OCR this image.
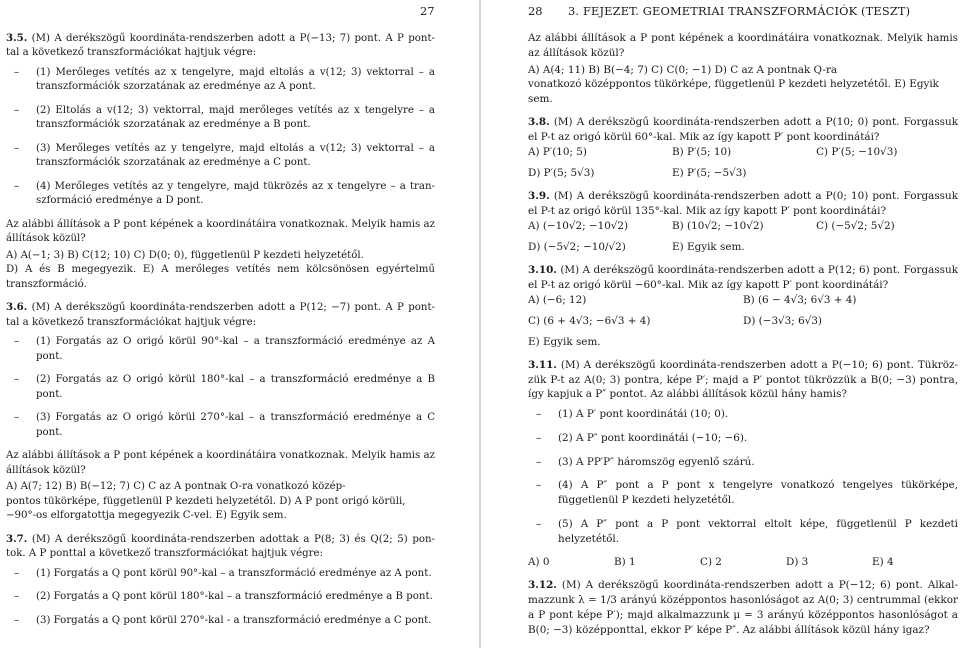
27
3.5. (M) A derékszögű koordináta-rendszerben adott a P(−13; 7) pont. A P pont-tal a következő transzformációkat hajtjuk végre:
– (1) Merőleges vetítés az x tengelyre, majd eltolás a v(12; 3) vektorral – a transzformációk szorzatának az eredménye az A pont.
– (2) Eltolás a v(12; 3) vektorral, majd merőleges vetítés az x tengelyre – a transzformációk szorzatának az eredménye a B pont.
– (3) Merőleges vetítés az y tengelyre, majd eltolás a v(12; 3) vektorral – a transzformációk szorzatának az eredménye a C pont.
– (4) Merőleges vetítés az y tengelyre, majd tükrözés az x tengelyre – a tran-szformáció eredménye a D pont.
Az alábbi állítások a P pont képének a koordinátáira vonatkoznak. Melyik hamis az állítások közül?
A) A(−1; 3) B) C(12; 10) C) D(0; 0), függetlenül P kezdeti helyzetétől.
D) A és B megegyezik. E) A merőleges vetítés nem kölcsönösen egyértelmű transzformáció.
3.6. (M) A derékszögű koordináta-rendszerben adott a P(12; −7) pont. A P pont-tal a következő transzformációkat hajtjuk végre:
– (1) Forgatás az O origó körül 90°-kal – a transzformáció eredménye az A pont.
– (2) Forgatás az O origó körül 180°-kal – a transzformáció eredménye a B pont.
– (3) Forgatás az O origó körül 270°-kal – a transzformáció eredménye a C pont.
Az alábbi állítások a P pont képének a koordinátáira vonatkoznak. Melyik hamis az állítások közül?
A) A(7; 12) B) B(−12; 7) C) C az A pontnak O-ra vonatkozó közép-
pontos tükörképe, függetlenül P kezdeti helyzetétől. D) A P pont origó körüli,
−90°-os elforgatottja megegyezik C-vel. E) Egyik sem.
3.7. (M) A derékszögű koordináta-rendszerben adottak a P(8; 3) és Q(2; 5) pon-tok. A P ponttal a következő transzformációkat hajtjuk végre:
– (1) Forgatás a Q pont körül 90°-kal – a transzformáció eredménye az A pont.
– (2) Forgatás a Q pont körül 180°-kal – a transzformáció eredménye a B pont.
– (3) Forgatás a Q pont körül 270°-kal - a transzformáció eredménye a C pont.
28 3. FEJEZET. GEOMETRIAI TRANSZFORMÁCIÓK (TESZT)
Az alábbi állítások a P pont képének a koordinátáira vonatkoznak. Melyik hamis az állítások közül?
A) A(4; 11) B) B(−4; 7) C) C(0; −1) D) C az A pontnak Q-ra
vonatkozó középpontos tükörképe, függetlenül P kezdeti helyzetétől. E) Egyik
sem.
3.8. (M) A derékszögű koordináta-rendszerben adott a P(10; 0) pont. Forgassuk el P-t az origó körül 60°-kal. Mik az így kapott P′ pont koordinátái?
A) P′(10; 5)	B) P′(5; 10)	C) P′(5; −10√3)
D) P′(5; 5√3)	E) P′(5; −5√3)
3.9. (M) A derékszögű koordináta-rendszerben adott a P(0; 10) pont. Forgassuk el P-t az origó körül 135°-kal. Mik az így kapott P′ pont koordinátái?
A) (−10√2; −10√2)	B) (10√2; −10√2)	C) (−5√2; 5√2)
D) (−5√2; −10/√2)	E) Egyik sem.
3.10. (M) A derékszögű koordináta-rendszerben adott a P(12; 6) pont. Forgassuk el P-t az origó körül −60°-kal. Mik az így kapott P′ pont koordinátái?
A) (−6; 12)	B) (6 − 4√3; 6√3 + 4)
C) (6 + 4√3; −6√3 + 4)	D) (−3√3; 6√3)
E) Egyik sem.
3.11. (M) A derékszögű koordináta-rendszerben adott a P(−10; 6) pont. Tükröz-zük P-t az A(0; 3) pontra, képe P′; majd a P′ pontot tükrözzük a B(0; −3) pontra, így kapjuk a P″ pontot. Az alábbi állítások közül hány hamis?
– (1) A P′ pont koordinátái (10; 0).
– (2) A P″ pont koordinátái (−10; −6).
– (3) A PP′P″ háromszög egyenlő szárú.
– (4) A P″ pont a P pont x tengelyre vonatkozó tengelyes tükörképe, függetlenül P kezdeti helyzetétől.
– (5) A P″ pont a P pont vektorral eltolt képe, függetlenül P kezdeti helyzetétől.
A) 0	B) 1	C) 2	D) 3	E) 4
3.12. (M) A derékszögű koordináta-rendszerben adott a P(−12; 6) pont. Alkal-mazzunk λ = 1/3 arányú középpontos hasonlóságot az A(0; 3) centrummal (ekkor a P pont képe P′); majd alkalmazzunk μ = 3 arányú középpontos hasonlóságot a B(0; −3) középponttal, ekkor P′ képe P″. Az alábbi állítások közül hány igaz?
